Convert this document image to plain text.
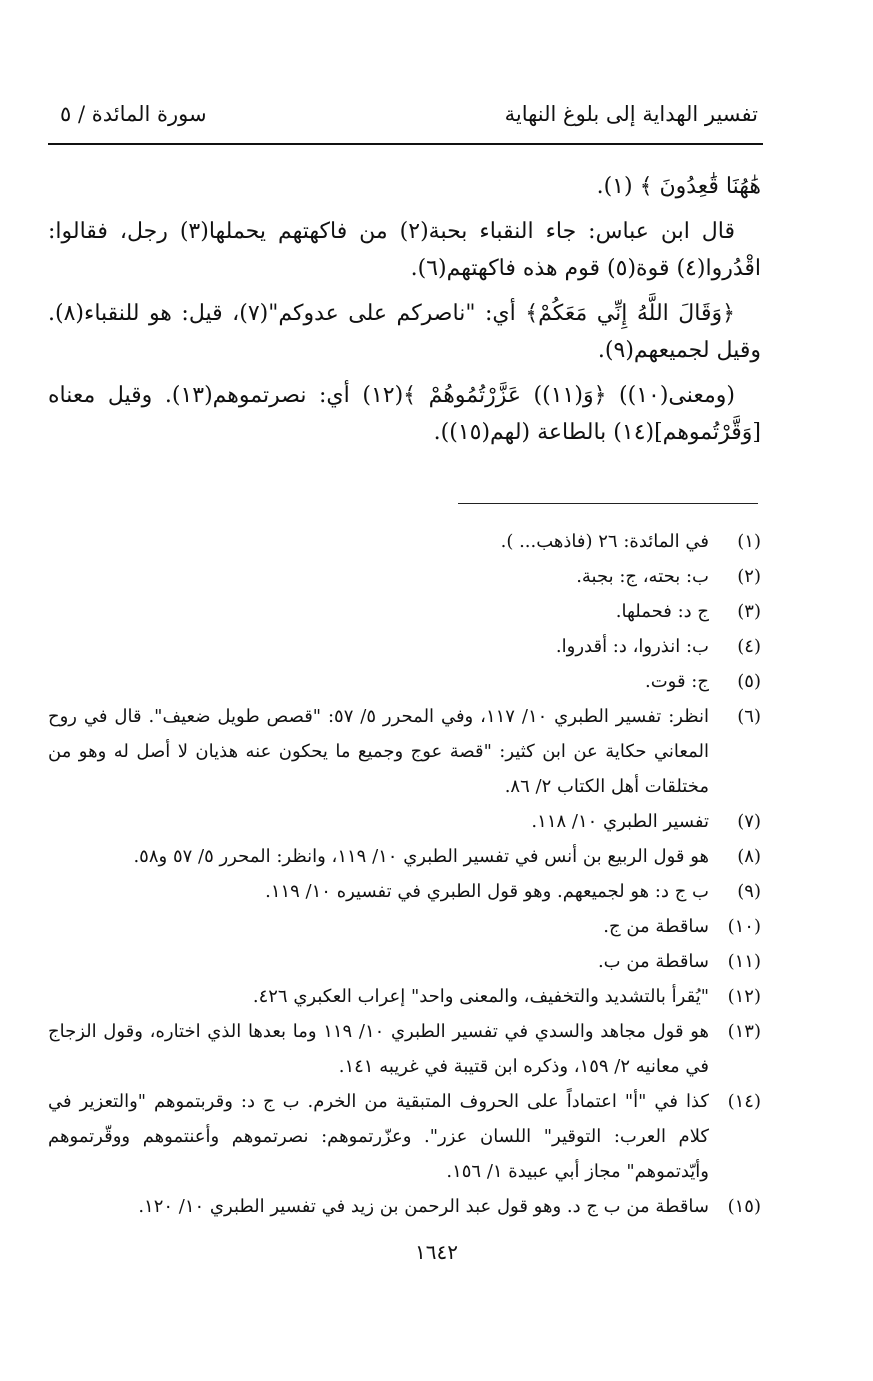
تفسير الهداية إلى بلوغ النهاية
سورة المائدة / ٥

هَٰهُنَا قَٰعِدُونَ ﴾ (١).

قال ابن عباس: جاء النقباء بحبة(٢) من فاكهتهم يحملها(٣) رجل، فقالوا: اقْدُروا(٤) قوة(٥) قوم هذه فاكهتهم(٦).

﴿وَقَالَ اللَّهُ إِنِّي مَعَكُمْ﴾ أي: "ناصركم على عدوكم"(٧)، قيل: هو للنقباء(٨). وقيل لجميعهم(٩).

(ومعنى(١٠)) ﴿وَ(١١)) عَزَّرْتُمُوهُمْ ﴾(١٢) أي: نصرتموهم(١٣). وقيل معناه [وَقَّرْتُموهم](١٤) بالطاعة (لهم(١٥)).

(١)
في المائدة: ٢٦ (فاذهب... ).
(٢)
ب: بحته، ج: بجبة.
(٣)
ج د: فحملها.
(٤)
ب: انذروا، د: أقدروا.
(٥)
ج: قوت.
(٦)
انظر: تفسير الطبري ١٠/ ١١٧، وفي المحرر ٥/ ٥٧: "قصص طويل ضعيف". قال في روح المعاني حكاية عن ابن كثير: "قصة عوج وجميع ما يحكون عنه هذيان لا أصل له وهو من مختلقات أهل الكتاب ٢/ ٨٦.
(٧)
تفسير الطبري ١٠/ ١١٨.
(٨)
هو قول الربيع بن أنس في تفسير الطبري ١٠/ ١١٩، وانظر: المحرر ٥/ ٥٧ و٥٨.
(٩)
ب ج د: هو لجميعهم. وهو قول الطبري في تفسيره ١٠/ ١١٩.
(١٠)
ساقطة من ج.
(١١)
ساقطة من ب.
(١٢)
"يُقرأ بالتشديد والتخفيف، والمعنى واحد" إعراب العكبري ٤٢٦.
(١٣)
هو قول مجاهد والسدي في تفسير الطبري ١٠/ ١١٩ وما بعدها الذي اختاره، وقول الزجاج في معانيه ٢/ ١٥٩، وذكره ابن قتيبة في غريبه ١٤١.
(١٤)
كذا في "أ" اعتماداً على الحروف المتبقية من الخرم. ب ج د: وقربتموهم "والتعزير في كلام العرب: التوقير" اللسان عزر". وعزّرتموهم: نصرتموهم وأعنتموهم ووقّرتموهم وأيّدتموهم" مجاز أبي عبيدة ١/ ١٥٦.
(١٥)
ساقطة من ب ج د. وهو قول عبد الرحمن بن زيد في تفسير الطبري ١٠/ ١٢٠.
١٦٤٢
